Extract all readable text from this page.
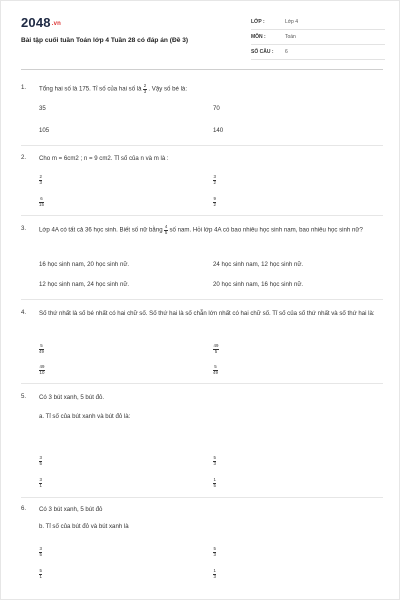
2048.vn
Bài tập cuối tuần Toán lớp 4 Tuần 28 có đáp án (Đề 3)
LỚP :	Lớp 4
MÔN :	Toán
SỐ CÂU : 6
1.	Tổng hai số là 175. Tỉ số của hai số là $\frac{2}{3}$ . Vậy số bé là:
35	70
105	140
2.	Cho m = 6cm2 ; n = 9 cm2. Tỉ số của n và m là :
$\frac{2}{3}$	$\frac{3}{2}$
$\frac{6}{15}$	$\frac{9}{2}$
3.	Lớp 4A có tất cả 36 học sinh. Biết số nữ bằng $\frac{4}{5}$ số nam. Hỏi lớp 4A có bao nhiêu học sinh nam, bao nhiêu học sinh nữ?
16 học sinh nam, 20 học sinh nữ.	24 học sinh nam, 12 học sinh nữ.
12 học sinh nam, 24 học sinh nữ.	20 học sinh nam, 16 học sinh nữ.
4.	Số thứ nhất là số bé nhất có hai chữ số. Số thứ hai là số chẵn lớn nhất có hai chữ số. Tỉ số của số thứ nhất và số thứ hai là:
$\frac{5}{49}$	$\frac{49}{5}$
$\frac{49}{10}$	$\frac{5}{49}$
5.	Có 3 bút xanh, 5 bút đỏ.
a. Tỉ số của bút xanh và bút đỏ là:
$\frac{3}{5}$	$\frac{5}{3}$
$\frac{3}{1}$	$\frac{1}{5}$
6.	Có 3 bút xanh, 5 bút đỏ
b. Tỉ số của bút đỏ và bút xanh là
$\frac{3}{5}$	$\frac{5}{3}$
$\frac{5}{1}$	$\frac{1}{3}$
